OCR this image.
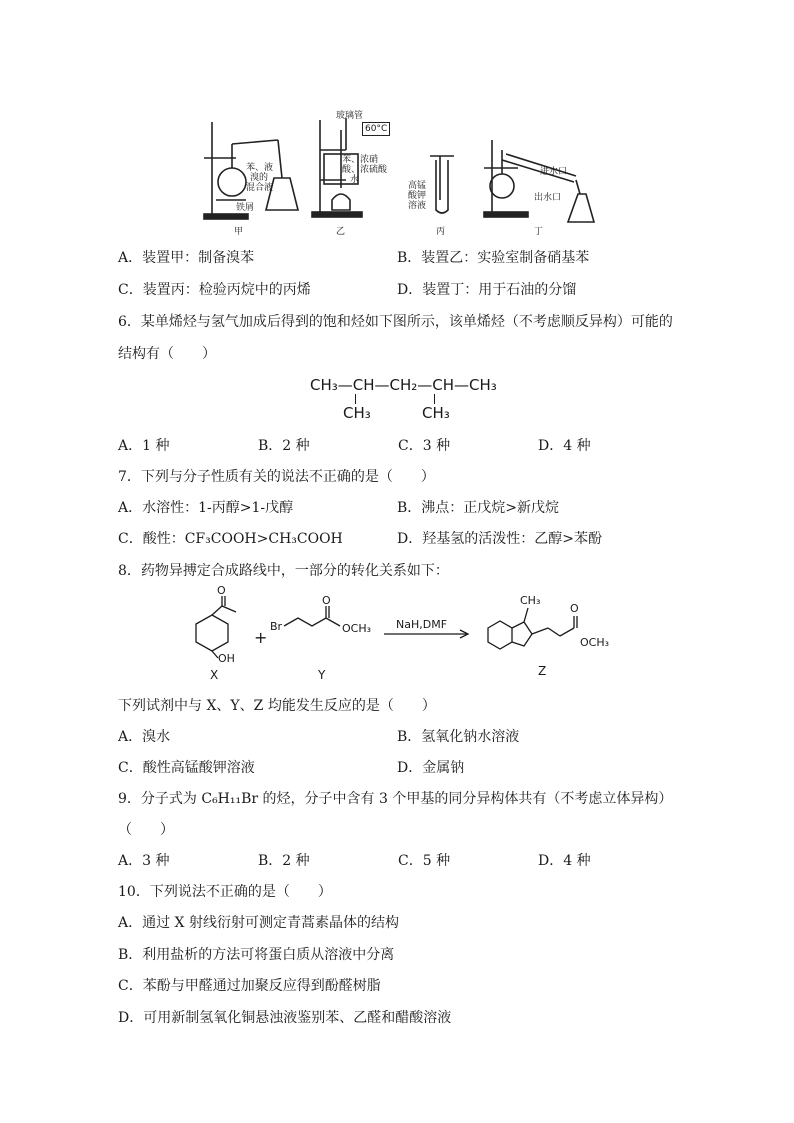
苯、液
溴的
混合液
铁屑
甲
玻璃管
60°C
苯、浓硝
酸、浓硫酸
水
乙
高锰
酸钾
溶液
丙
进水口
出水口
丁
A．装置甲：制备溴苯	B．装置乙：实验室制备硝基苯
C．装置丙：检验丙烷中的丙烯	D．装置丁：用于石油的分馏
6．某单烯烃与氢气加成后得到的饱和烃如下图所示，该单烯烃（不考虑顺反异构）可能的
结构有（　　）
CH₃—CH—CH₂—CH—CH₃
CH₃	CH₃
A．1 种	B．2 种	C．3 种	D．4 种
7．下列与分子性质有关的说法不正确的是（　　）
A．水溶性：1-丙醇>1-戊醇	B．沸点：正戊烷>新戊烷
C．酸性：CF₃COOH>CH₃COOH	D．羟基氢的活泼性：乙醇>苯酚
8．药物异搏定合成路线中，一部分的转化关系如下：
O
OH
X
+
Br
O
OCH₃
Y
NaH,DMF
CH₃
O
OCH₃
Z
下列试剂中与 X、Y、Z 均能发生反应的是（　　）
A．溴水	B．氢氧化钠水溶液
C．酸性高锰酸钾溶液	D．金属钠
9．分子式为 C₆H₁₁Br 的烃，分子中含有 3 个甲基的同分异构体共有（不考虑立体异构）
（　　）
A．3 种	B．2 种	C．5 种	D．4 种
10．下列说法不正确的是（　　）
A．通过 X 射线衍射可测定青蒿素晶体的结构
B．利用盐析的方法可将蛋白质从溶液中分离
C．苯酚与甲醛通过加聚反应得到酚醛树脂
D．可用新制氢氧化铜悬浊液鉴别苯、乙醛和醋酸溶液
